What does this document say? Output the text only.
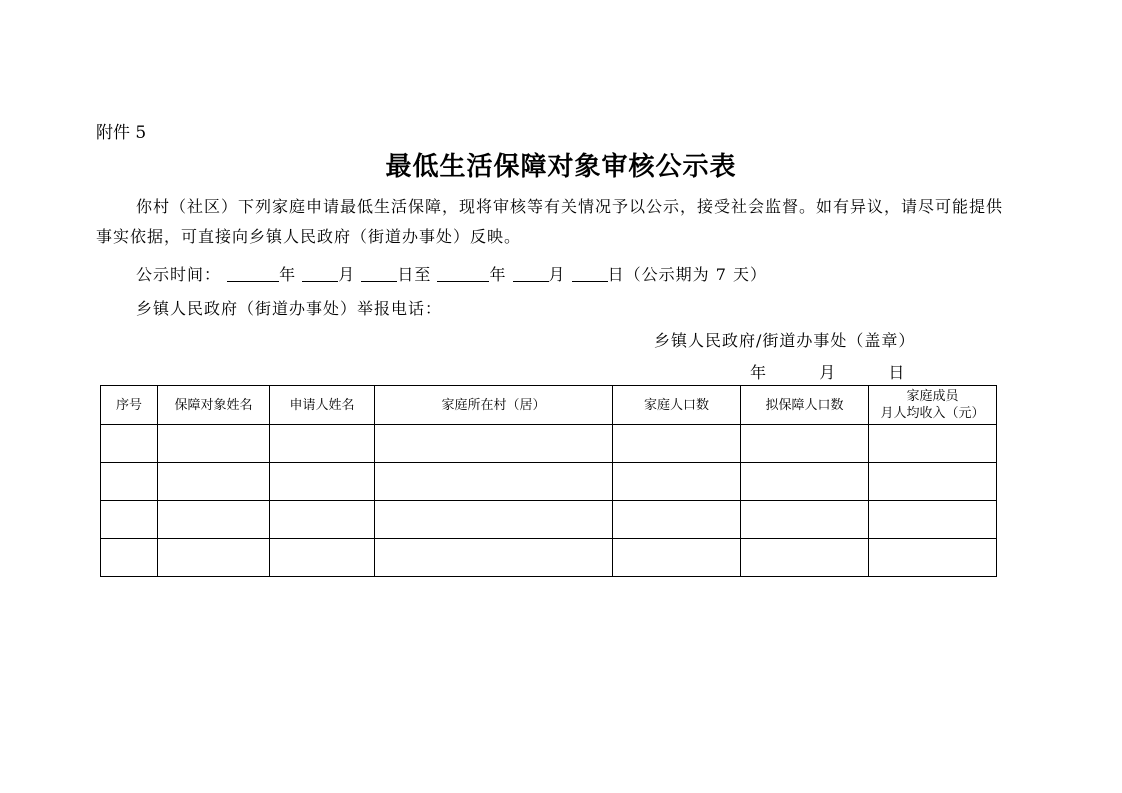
附件 5
最低生活保障对象审核公示表
你村（社区）下列家庭申请最低生活保障，现将审核等有关情况予以公示，接受社会监督。如有异议，请尽可能提供事实依据，可直接向乡镇人民政府（街道办事处）反映。
公示时间：	年	月	日至	年	月	日（公示期为 7 天）
乡镇人民政府（街道办事处）举报电话：
乡镇人民政府/街道办事处（盖章）
年	月	日
序号	保障对象姓名	申请人姓名	家庭所在村（居）	家庭人口数	拟保障人口数	家庭成员
月人均收入（元）
